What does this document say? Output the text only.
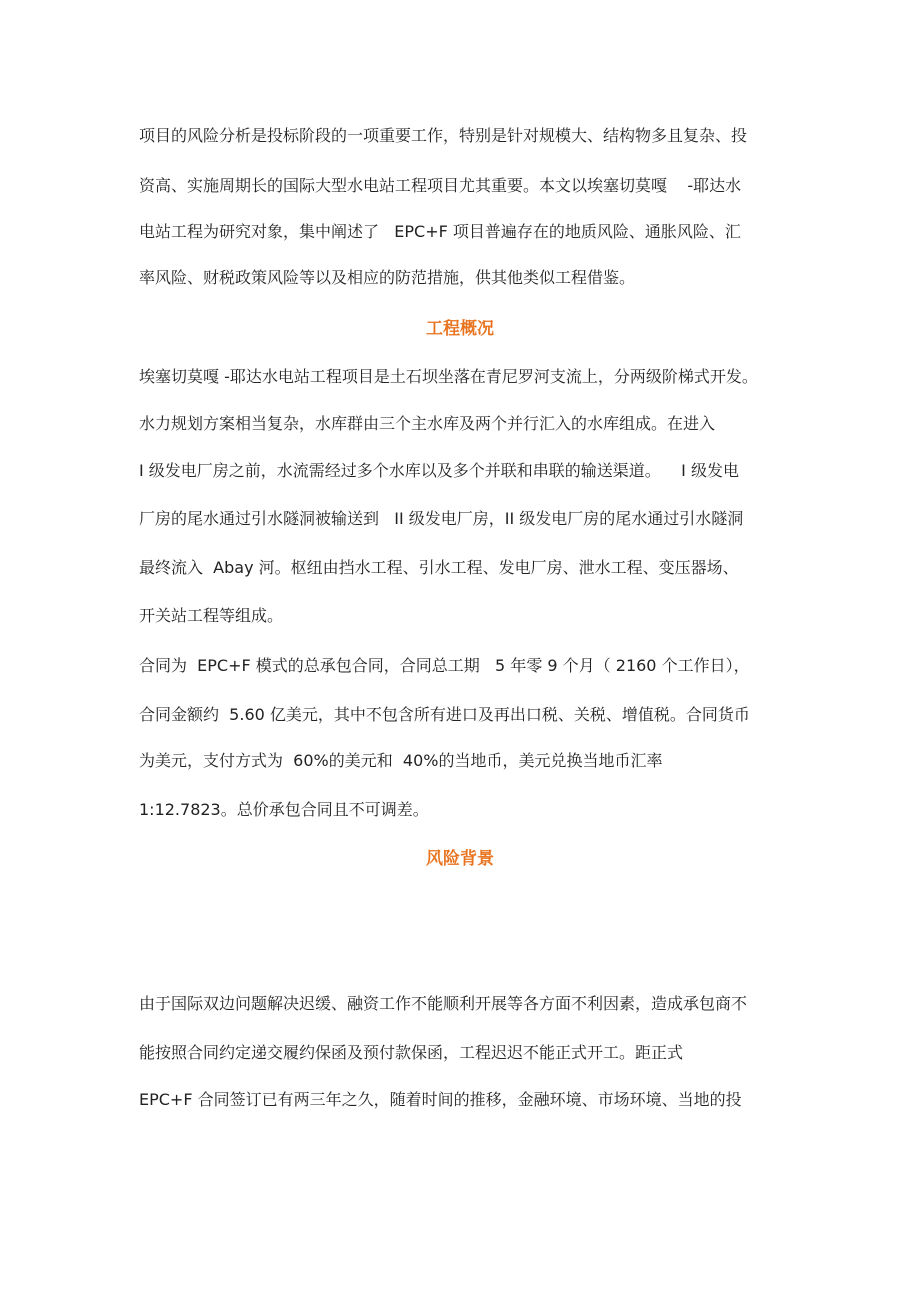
项目的风险分析是投标阶段的一项重要工作，特别是针对规模大、结构物多且复杂、投
资高、实施周期长的国际大型水电站工程项目尤其重要。本文以埃塞切莫嘎    -耶达水
电站工程为研究对象，集中阐述了   EPC+F 项目普遍存在的地质风险、通胀风险、汇
率风险、财税政策风险等以及相应的防范措施，供其他类似工程借鉴。
工程概况
埃塞切莫嘎 -耶达水电站工程项目是土石坝坐落在青尼罗河支流上，分两级阶梯式开发。
水力规划方案相当复杂，水库群由三个主水库及两个并行汇入的水库组成。在进入
I 级发电厂房之前，水流需经过多个水库以及多个并联和串联的输送渠道。    I 级发电
厂房的尾水通过引水隧洞被输送到   II 级发电厂房，II 级发电厂房的尾水通过引水隧洞
最终流入  Abay 河。枢纽由挡水工程、引水工程、发电厂房、泄水工程、变压器场、
开关站工程等组成。
合同为  EPC+F 模式的总承包合同，合同总工期   5 年零 9 个月（ 2160 个工作日），
合同金额约  5.60 亿美元，其中不包含所有进口及再出口税、关税、增值税。合同货币
为美元，支付方式为  60%的美元和  40%的当地币，美元兑换当地币汇率
1:12.7823。总价承包合同且不可调差。
风险背景
由于国际双边问题解决迟缓、融资工作不能顺利开展等各方面不利因素，造成承包商不
能按照合同约定递交履约保函及预付款保函，工程迟迟不能正式开工。距正式
EPC+F 合同签订已有两三年之久，随着时间的推移，金融环境、市场环境、当地的投
